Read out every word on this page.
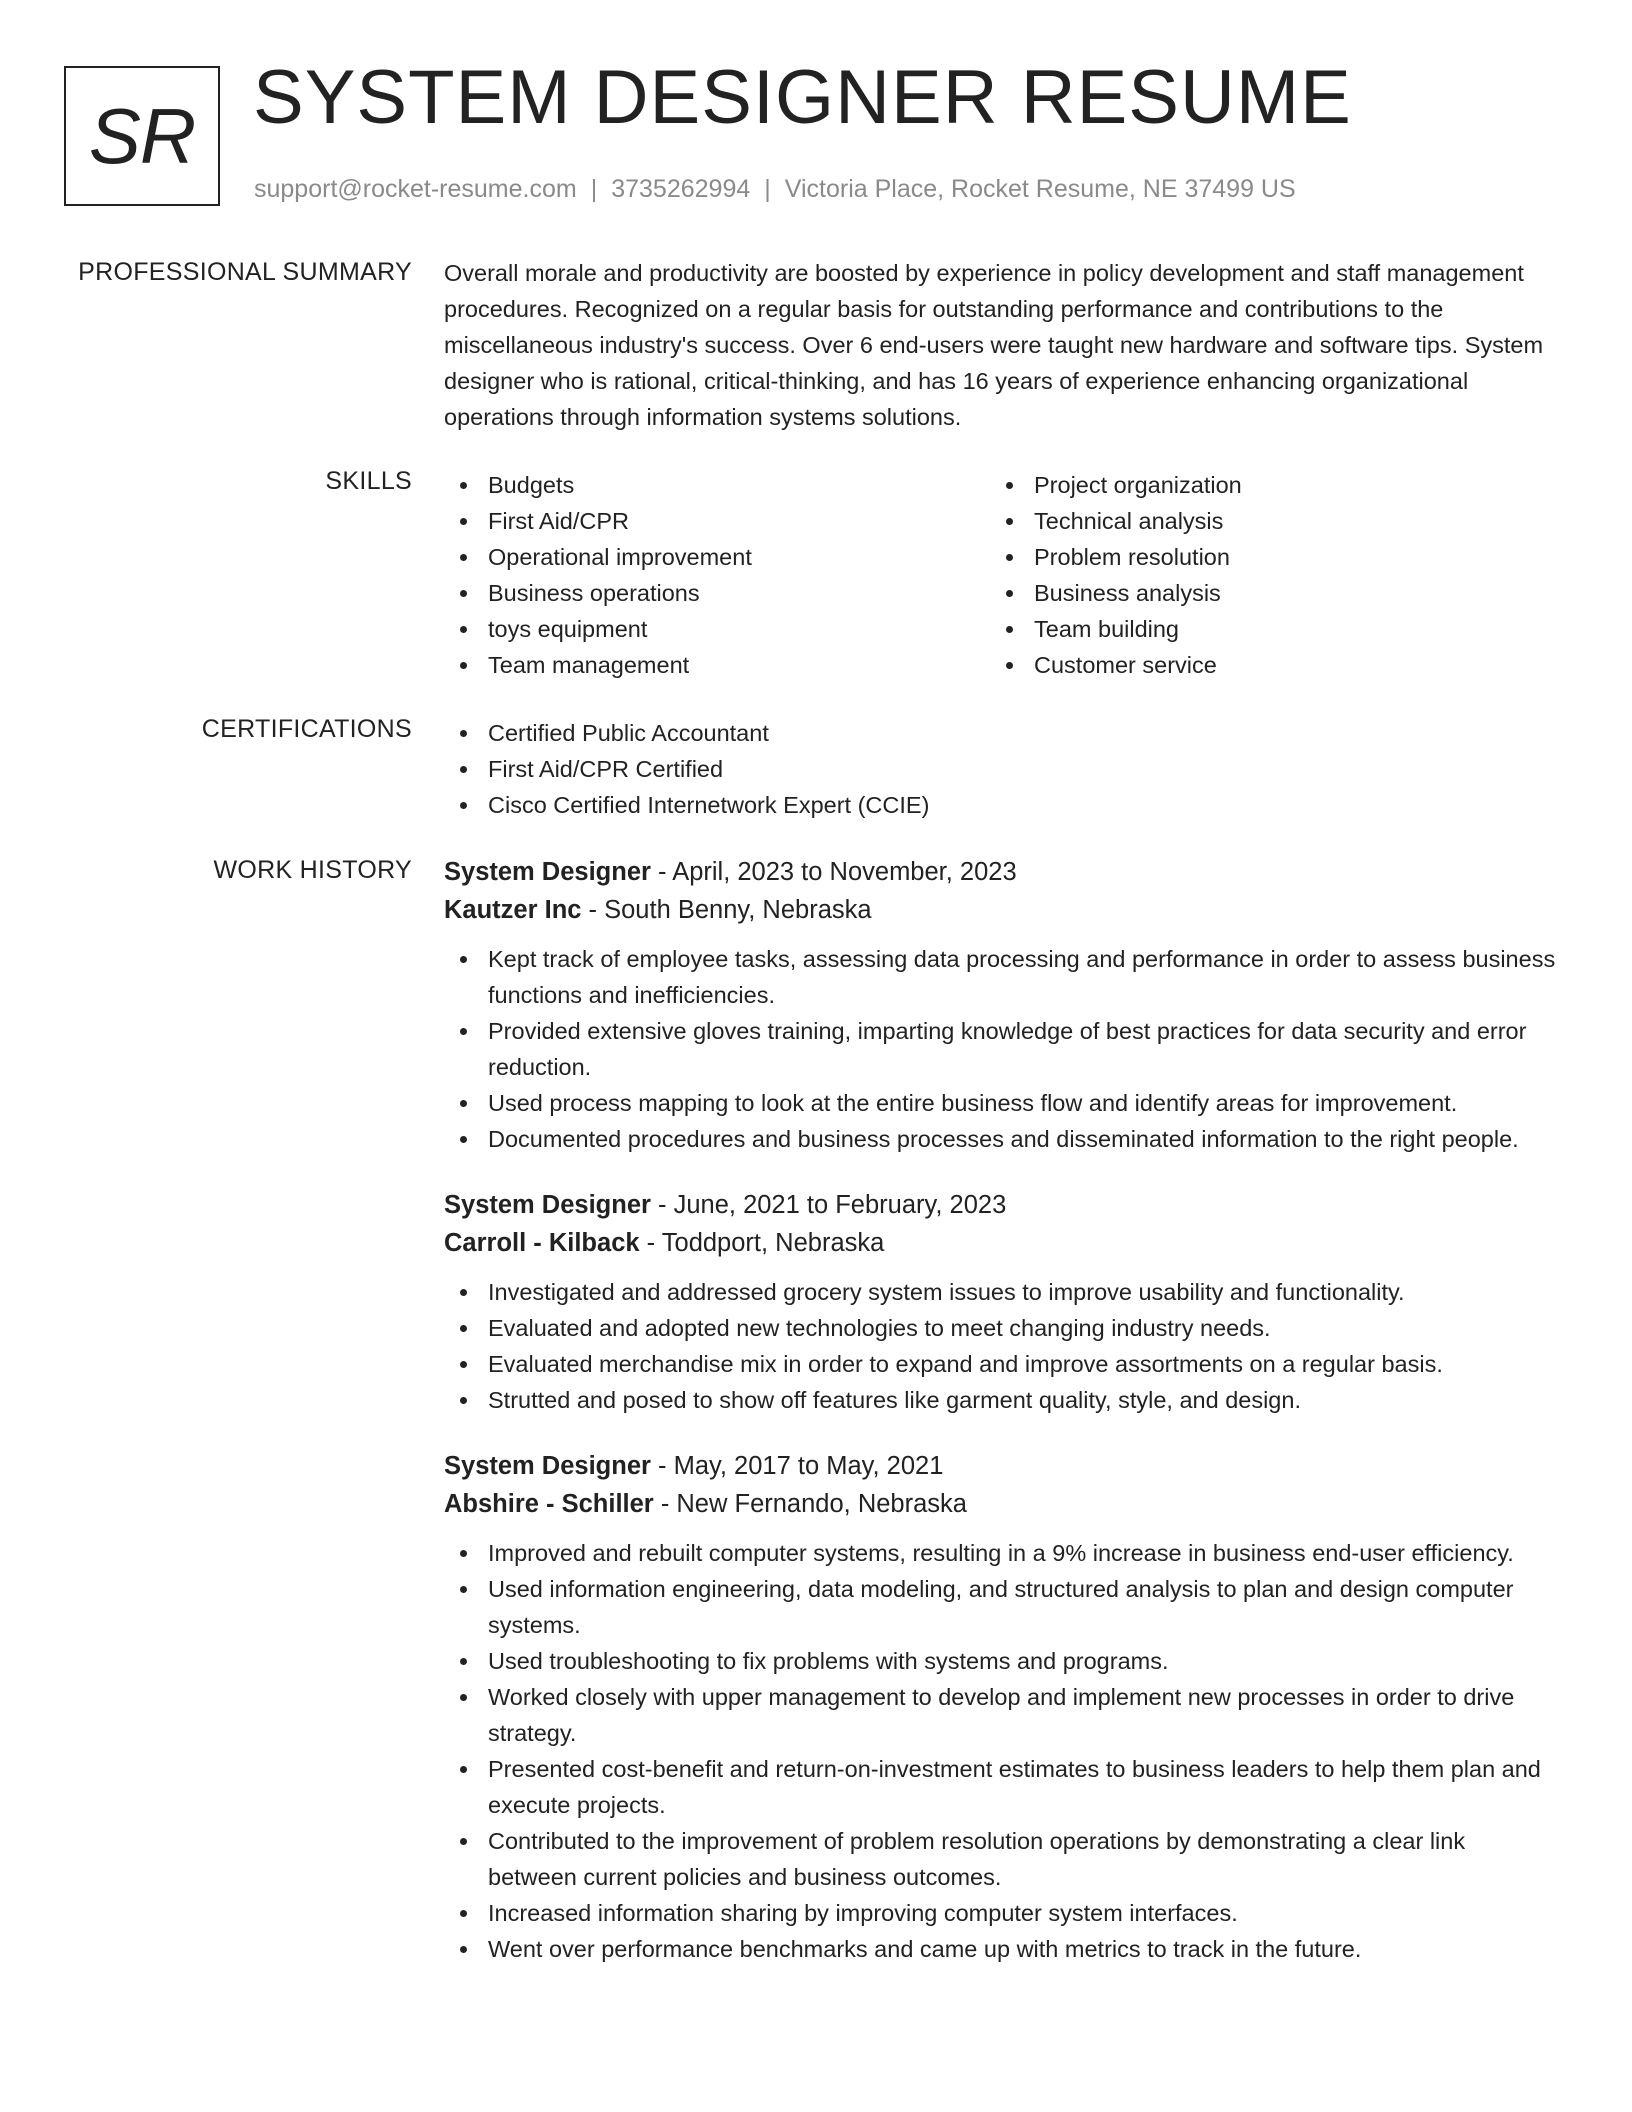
SR SYSTEM DESIGNER RESUME
support@rocket-resume.com | 3735262994 | Victoria Place, Rocket Resume, NE 37499 US
PROFESSIONAL SUMMARY Overall morale and productivity are boosted by experience in policy development and staff management procedures. Recognized on a regular basis for outstanding performance and contributions to the miscellaneous industry's success. Over 6 end-users were taught new hardware and software tips. System designer who is rational, critical-thinking, and has 16 years of experience enhancing organizational operations through information systems solutions.

SKILLS	Budgets
First Aid/CPR
Operational improvement
Business operations
toys equipment
Team management
Project organization
Technical analysis
Problem resolution
Business analysis
Team building
Customer service
CERTIFICATIONS	Certified Public Accountant
First Aid/CPR Certified
Cisco Certified Internetwork Expert (CCIE)
WORK HISTORY System Designer - April, 2023 to November, 2023
Kautzer Inc - South Benny, Nebraska
Kept track of employee tasks, assessing data processing and performance in order to assess business functions and inefficiencies.
Provided extensive gloves training, imparting knowledge of best practices for data security and error reduction.
Used process mapping to look at the entire business flow and identify areas for improvement.
Documented procedures and business processes and disseminated information to the right people.
System Designer - June, 2021 to February, 2023
Carroll - Kilback - Toddport, Nebraska
Investigated and addressed grocery system issues to improve usability and functionality.
Evaluated and adopted new technologies to meet changing industry needs.
Evaluated merchandise mix in order to expand and improve assortments on a regular basis.
Strutted and posed to show off features like garment quality, style, and design.
System Designer - May, 2017 to May, 2021
Abshire - Schiller - New Fernando, Nebraska
Improved and rebuilt computer systems, resulting in a 9% increase in business end-user efficiency.
Used information engineering, data modeling, and structured analysis to plan and design computer systems.
Used troubleshooting to fix problems with systems and programs.
Worked closely with upper management to develop and implement new processes in order to drive strategy.
Presented cost-benefit and return-on-investment estimates to business leaders to help them plan and execute projects.
Contributed to the improvement of problem resolution operations by demonstrating a clear link between current policies and business outcomes.
Increased information sharing by improving computer system interfaces.
Went over performance benchmarks and came up with metrics to track in the future.
